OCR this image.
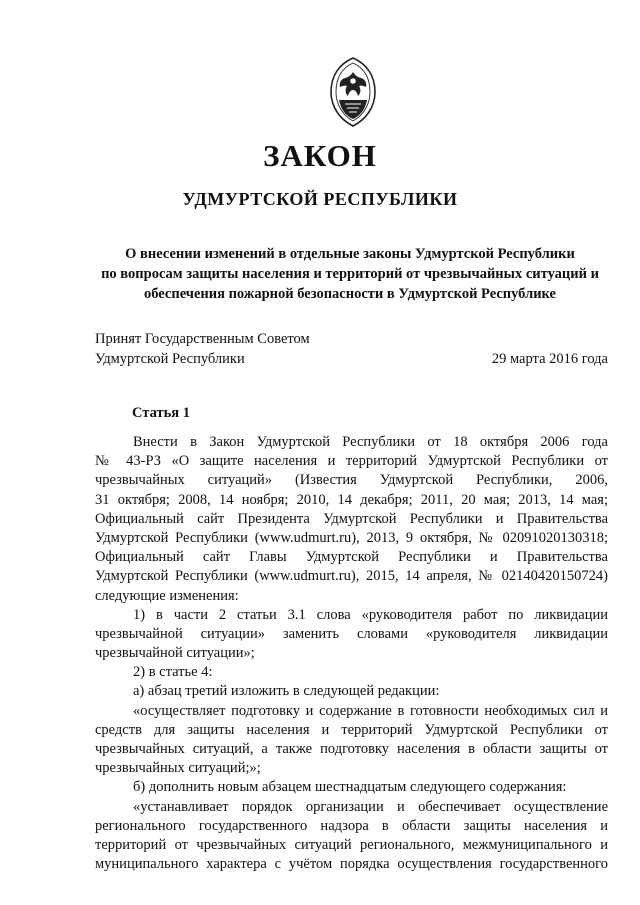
ЗАКОН
УДМУРТСКОЙ РЕСПУБЛИКИ
О внесении изменений в отдельные законы Удмуртской Республики
по вопросам защиты населения и территорий от чрезвычайных ситуаций и
обеспечения пожарной безопасности в Удмуртской Республике
Принят Государственным Советом
Удмуртской Республики	29 марта 2016 года
Статья 1
Внести в Закон Удмуртской Республики от 18 октября 2006 года
№ 43-РЗ «О защите населения и территорий Удмуртской Республики от
чрезвычайных ситуаций» (Известия Удмуртской Республики, 2006,
31 октября; 2008, 14 ноября; 2010, 14 декабря; 2011, 20 мая; 2013, 14 мая;
Официальный сайт Президента Удмуртской Республики и Правительства
Удмуртской Республики (www.udmurt.ru), 2013, 9 октября, № 02091020130318;
Официальный сайт Главы Удмуртской Республики и Правительства
Удмуртской Республики (www.udmurt.ru), 2015, 14 апреля, № 02140420150724)
следующие изменения:
1) в части 2 статьи 3.1 слова «руководителя работ по ликвидации
чрезвычайной ситуации» заменить словами «руководителя ликвидации
чрезвычайной ситуации»;
2) в статье 4:
а) абзац третий изложить в следующей редакции:
«осуществляет подготовку и содержание в готовности необходимых сил и
средств для защиты населения и территорий Удмуртской Республики от
чрезвычайных ситуаций, а также подготовку населения в области защиты от
чрезвычайных ситуаций;»;
б) дополнить новым абзацем шестнадцатым следующего содержания:
«устанавливает порядок организации и обеспечивает осуществление
регионального государственного надзора в области защиты населения и
территорий от чрезвычайных ситуаций регионального, межмуниципального и
муниципального характера с учётом порядка осуществления государственного
